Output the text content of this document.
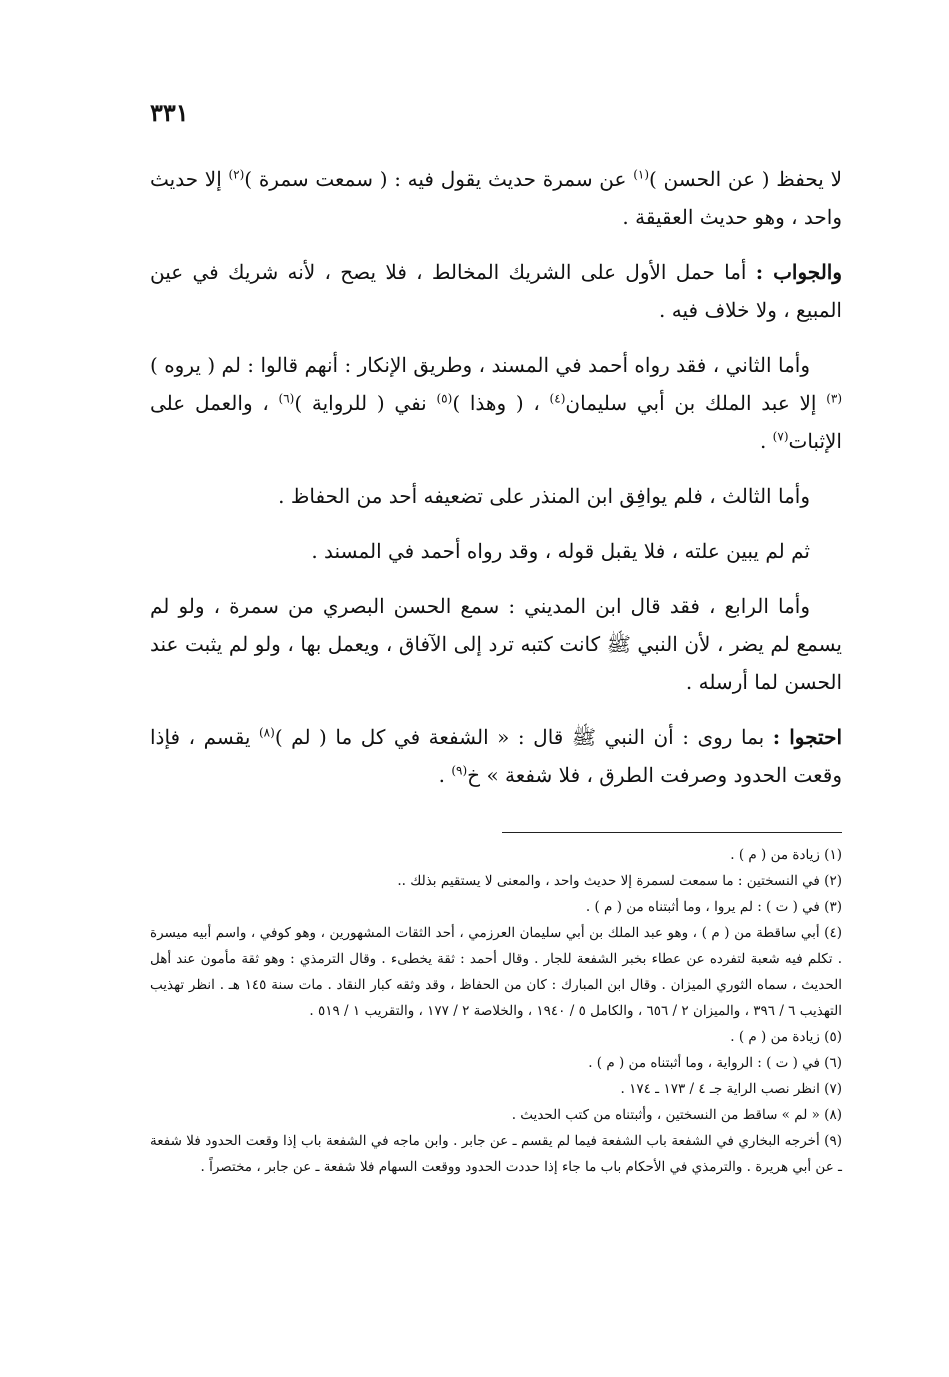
٣٣١

لا يحفظ ( عن الحسن )$^{(١)}$ عن سمرة حديث يقول فيه : ( سمعت سمرة )$^{(٢)}$ إلا حديث واحد ، وهو حديث العقيقة .

والجواب : أما حمل الأول على الشريك المخالط ، فلا يصح ، لأنه شريك في عين المبيع ، ولا خلاف فيه .

وأما الثاني ، فقد رواه أحمد في المسند ، وطريق الإنكار : أنهم قالوا : لم ( يروه )$^{(٣)}$ إلا عبد الملك بن أبي سليمان$^{(٤)}$ ، ( وهذا )$^{(٥)}$ نفي ( للرواية )$^{(٦)}$ ، والعمل على الإثبات$^{(٧)}$ .

وأما الثالث ، فلم يوافِق ابن المنذر على تضعيفه أحد من الحفاظ .

ثم لم يبين علته ، فلا يقبل قوله ، وقد رواه أحمد في المسند .

وأما الرابع ، فقد قال ابن المديني : سمع الحسن البصري من سمرة ، ولو لم يسمع لم يضر ، لأن النبي ﷺ كانت كتبه ترد إلى الآفاق ، ويعمل بها ، ولو لم يثبت عند الحسن لما أرسله .

احتجوا : بما روى : أن النبي ﷺ قال : « الشفعة في كل ما ( لم )$^{(٨)}$ يقسم ، فإذا وقعت الحدود وصرفت الطرق ، فلا شفعة » خ$^{(٩)}$ .

(١) زيادة من ( م ) .

(٢) في النسختين : ما سمعت لسمرة إلا حديث واحد ، والمعنى لا يستقيم بذلك ..

(٣) في ( ت ) : لم يروا ، وما أثبتناه من ( م ) .

(٤) أبي ساقطة من ( م ) ، وهو عبد الملك بن أبي سليمان العرزمي ، أحد الثقات المشهورين ، وهو كوفي ، واسم أبيه ميسرة . تكلم فيه شعبة لتفرده عن عطاء بخبر الشفعة للجار . وقال أحمد : ثقة يخطىء . وقال الترمذي : وهو ثقة مأمون عند أهل الحديث ، سماه الثوري الميزان . وقال ابن المبارك : كان من الحفاظ ، وقد وثقه كبار النقاد . مات سنة ١٤٥ هـ . انظر تهذيب التهذيب ٦ / ٣٩٦ ، والميزان ٢ / ٦٥٦ ، والكامل ٥ / ١٩٤٠ ، والخلاصة ٢ / ١٧٧ ، والتقريب ١ / ٥١٩ .

(٥) زيادة من ( م ) .

(٦) في ( ت ) : الرواية ، وما أثبتناه من ( م ) .

(٧) انظر نصب الراية جـ ٤ / ١٧٣ ـ ١٧٤ .

(٨) « لم » ساقط من النسختين ، وأثبتناه من كتب الحديث .

(٩) أخرجه البخاري في الشفعة باب الشفعة فيما لم يقسم ـ عن جابر . وابن ماجه في الشفعة باب إذا وقعت الحدود فلا شفعة ـ عن أبي هريرة . والترمذي في الأحكام باب ما جاء إذا حددت الحدود ووقعت السهام فلا شفعة ـ عن جابر ، مختصراً .
